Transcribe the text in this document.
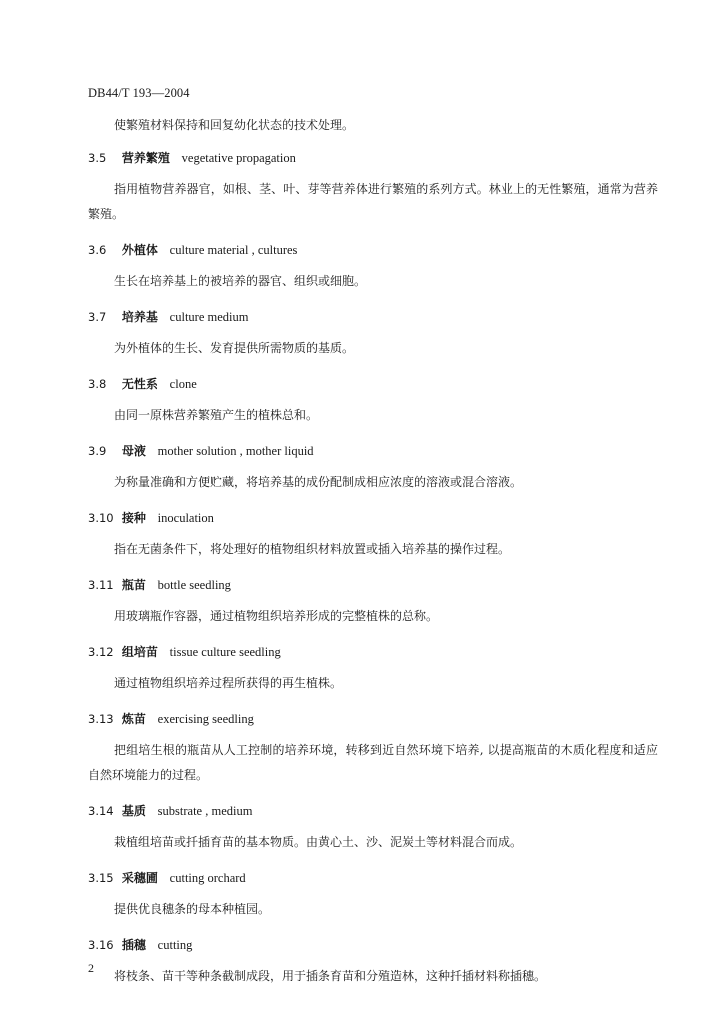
DB44/T 193—2004
使繁殖材料保持和回复幼化状态的技术处理。
3.5 营养繁殖 vegetative propagation
指用植物营养器官，如根、茎、叶、芽等营养体进行繁殖的系列方式。林业上的无性繁殖，通常为营养繁殖。
3.6 外植体 culture material , cultures
生长在培养基上的被培养的器官、组织或细胞。
3.7 培养基 culture medium
为外植体的生长、发育提供所需物质的基质。
3.8 无性系 clone
由同一原株营养繁殖产生的植株总和。
3.9 母液 mother solution , mother liquid
为称量准确和方便贮藏，将培养基的成份配制成相应浓度的溶液或混合溶液。
3.10 接种 inoculation
指在无菌条件下，将处理好的植物组织材料放置或插入培养基的操作过程。
3.11 瓶苗 bottle seedling
用玻璃瓶作容器，通过植物组织培养形成的完整植株的总称。
3.12 组培苗 tissue culture seedling
通过植物组织培养过程所获得的再生植株。
3.13 炼苗 exercising seedling
把组培生根的瓶苗从人工控制的培养环境，转移到近自然环境下培养, 以提高瓶苗的木质化程度和适应自然环境能力的过程。
3.14 基质 substrate , medium
栽植组培苗或扦插育苗的基本物质。由黄心土、沙、泥炭土等材料混合而成。
3.15 采穗圃 cutting orchard
提供优良穗条的母本种植园。
3.16 插穗 cutting
将枝条、苗干等种条截制成段，用于插条育苗和分殖造林，这种扦插材料称插穗。
2
